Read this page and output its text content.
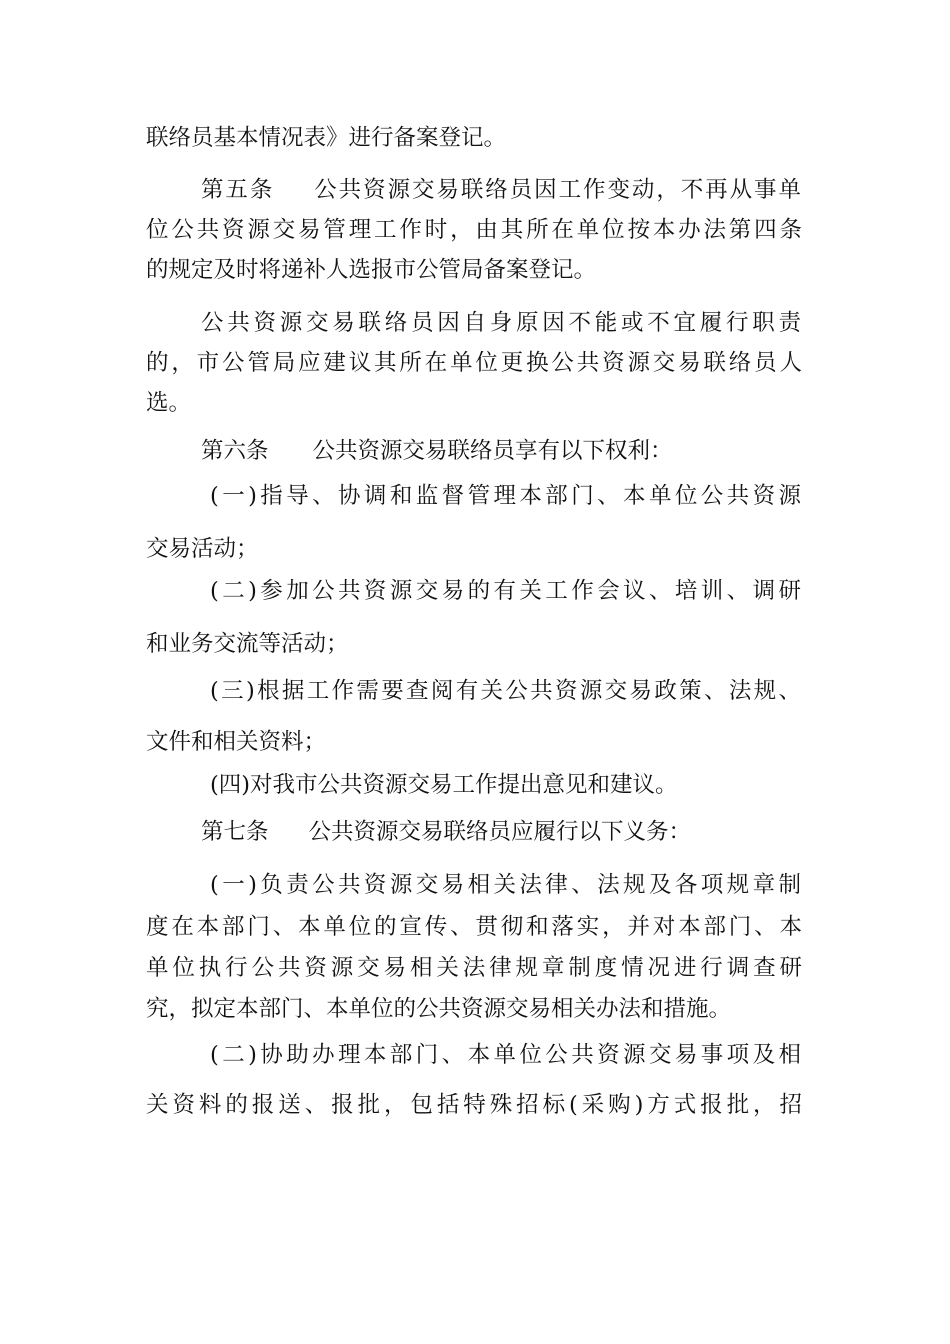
联络员基本情况表》进行备案登记。

第五条 公共资源交易联络员因工作变动，不再从事单

位公共资源交易管理工作时，由其所在单位按本办法第四条

的规定及时将递补人选报市公管局备案登记。

公共资源交易联络员因自身原因不能或不宜履行职责

的，市公管局应建议其所在单位更换公共资源交易联络员人

选。

第六条 公共资源交易联络员享有以下权利：

(一)指导、协调和监督管理本部门、本单位公共资源

交易活动；

(二)参加公共资源交易的有关工作会议、培训、调研

和业务交流等活动；

(三)根据工作需要查阅有关公共资源交易政策、法规、

文件和相关资料；

(四)对我市公共资源交易工作提出意见和建议。

第七条 公共资源交易联络员应履行以下义务：

(一)负责公共资源交易相关法律、法规及各项规章制

度在本部门、本单位的宣传、贯彻和落实，并对本部门、本

单位执行公共资源交易相关法律规章制度情况进行调查研

究，拟定本部门、本单位的公共资源交易相关办法和措施。

(二)协助办理本部门、本单位公共资源交易事项及相

关资料的报送、报批，包括特殊招标(采购)方式报批，招
